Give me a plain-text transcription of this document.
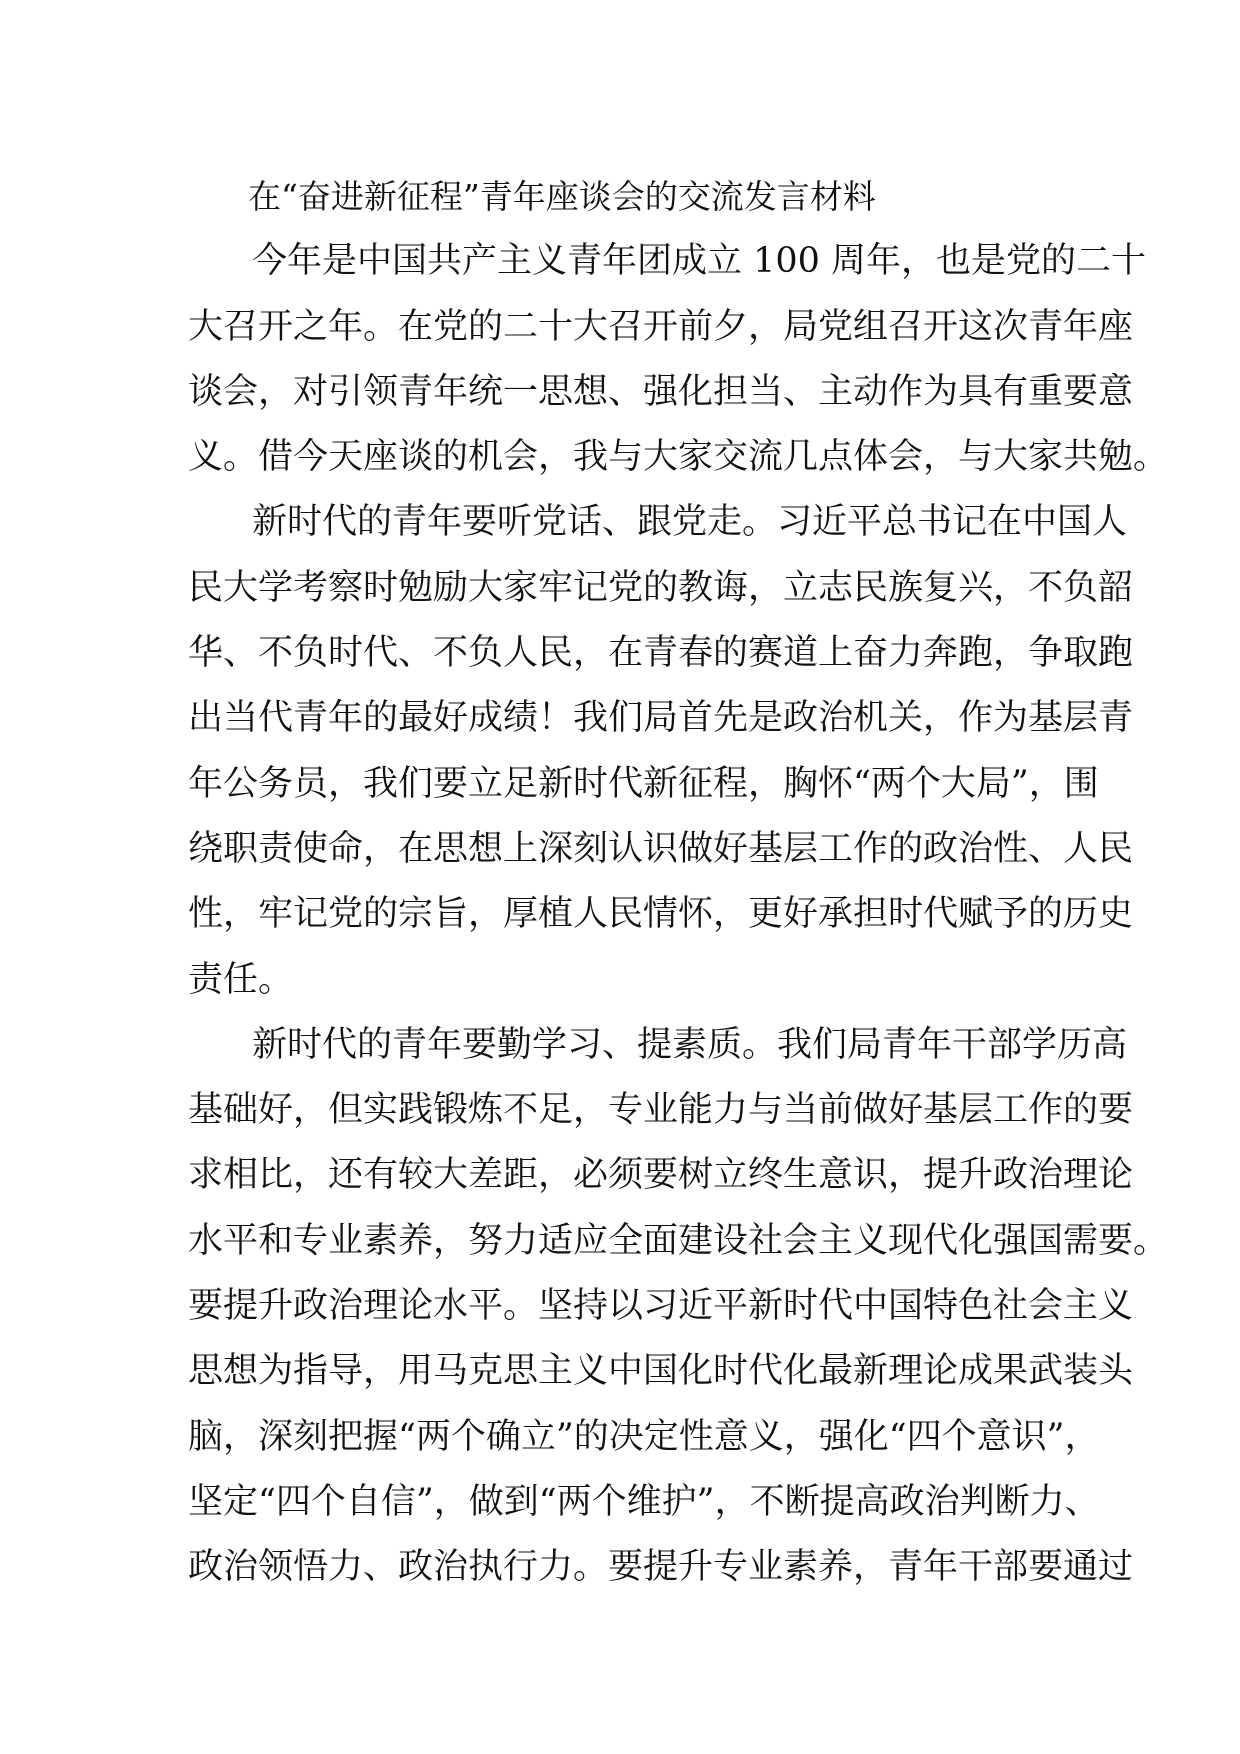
在“奋进新征程”青年座谈会的交流发言材料
今年是中国共产主义青年团成立 100 周年，也是党的二十
大召开之年。在党的二十大召开前夕，局党组召开这次青年座
谈会，对引领青年统一思想、强化担当、主动作为具有重要意
义。借今天座谈的机会，我与大家交流几点体会，与大家共勉。
新时代的青年要听党话、跟党走。习近平总书记在中国人
民大学考察时勉励大家牢记党的教诲，立志民族复兴，不负韶
华、不负时代、不负人民，在青春的赛道上奋力奔跑，争取跑
出当代青年的最好成绩！我们局首先是政治机关，作为基层青
年公务员，我们要立足新时代新征程，胸怀“两个大局”，围
绕职责使命，在思想上深刻认识做好基层工作的政治性、人民
性，牢记党的宗旨，厚植人民情怀，更好承担时代赋予的历史
责任。
新时代的青年要勤学习、提素质。我们局青年干部学历高
基础好，但实践锻炼不足，专业能力与当前做好基层工作的要
求相比，还有较大差距，必须要树立终生意识，提升政治理论
水平和专业素养，努力适应全面建设社会主义现代化强国需要。
要提升政治理论水平。坚持以习近平新时代中国特色社会主义
思想为指导，用马克思主义中国化时代化最新理论成果武装头
脑，深刻把握“两个确立”的决定性意义，强化“四个意识”，
坚定“四个自信”，做到“两个维护”，不断提高政治判断力、
政治领悟力、政治执行力。要提升专业素养，青年干部要通过
